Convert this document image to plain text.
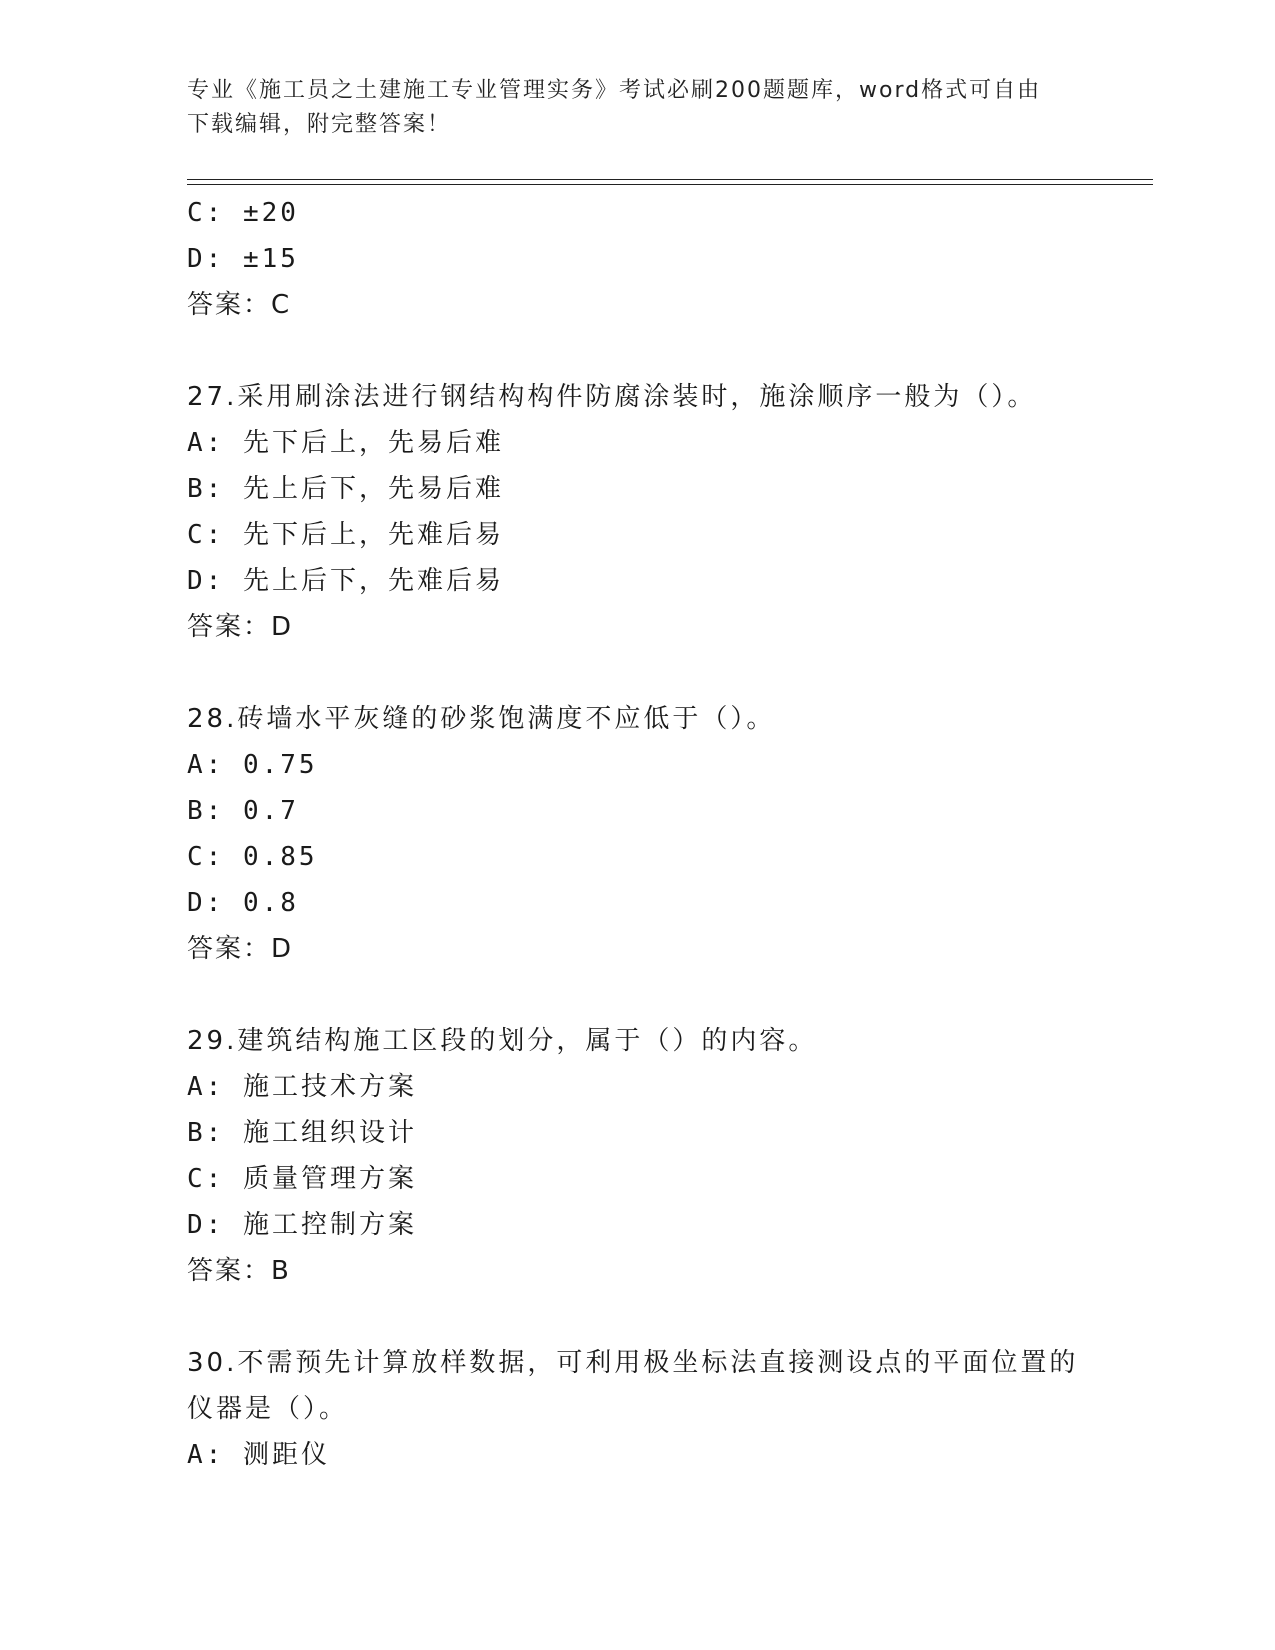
专业《施工员之土建施工专业管理实务》考试必刷200题题库，word格式可自由
下载编辑，附完整答案！
C: ±20
D: ±15
答案：C
27.采用刷涂法进行钢结构构件防腐涂装时，施涂顺序一般为（）。
A: 先下后上，先易后难
B: 先上后下，先易后难
C: 先下后上，先难后易
D: 先上后下，先难后易
答案：D
28.砖墙水平灰缝的砂浆饱满度不应低于（）。
A: 0.75
B: 0.7
C: 0.85
D: 0.8
答案：D
29.建筑结构施工区段的划分，属于（）的内容。
A: 施工技术方案
B: 施工组织设计
C: 质量管理方案
D: 施工控制方案
答案：B
30.不需预先计算放样数据，可利用极坐标法直接测设点的平面位置的
仪器是（）。
A: 测距仪
